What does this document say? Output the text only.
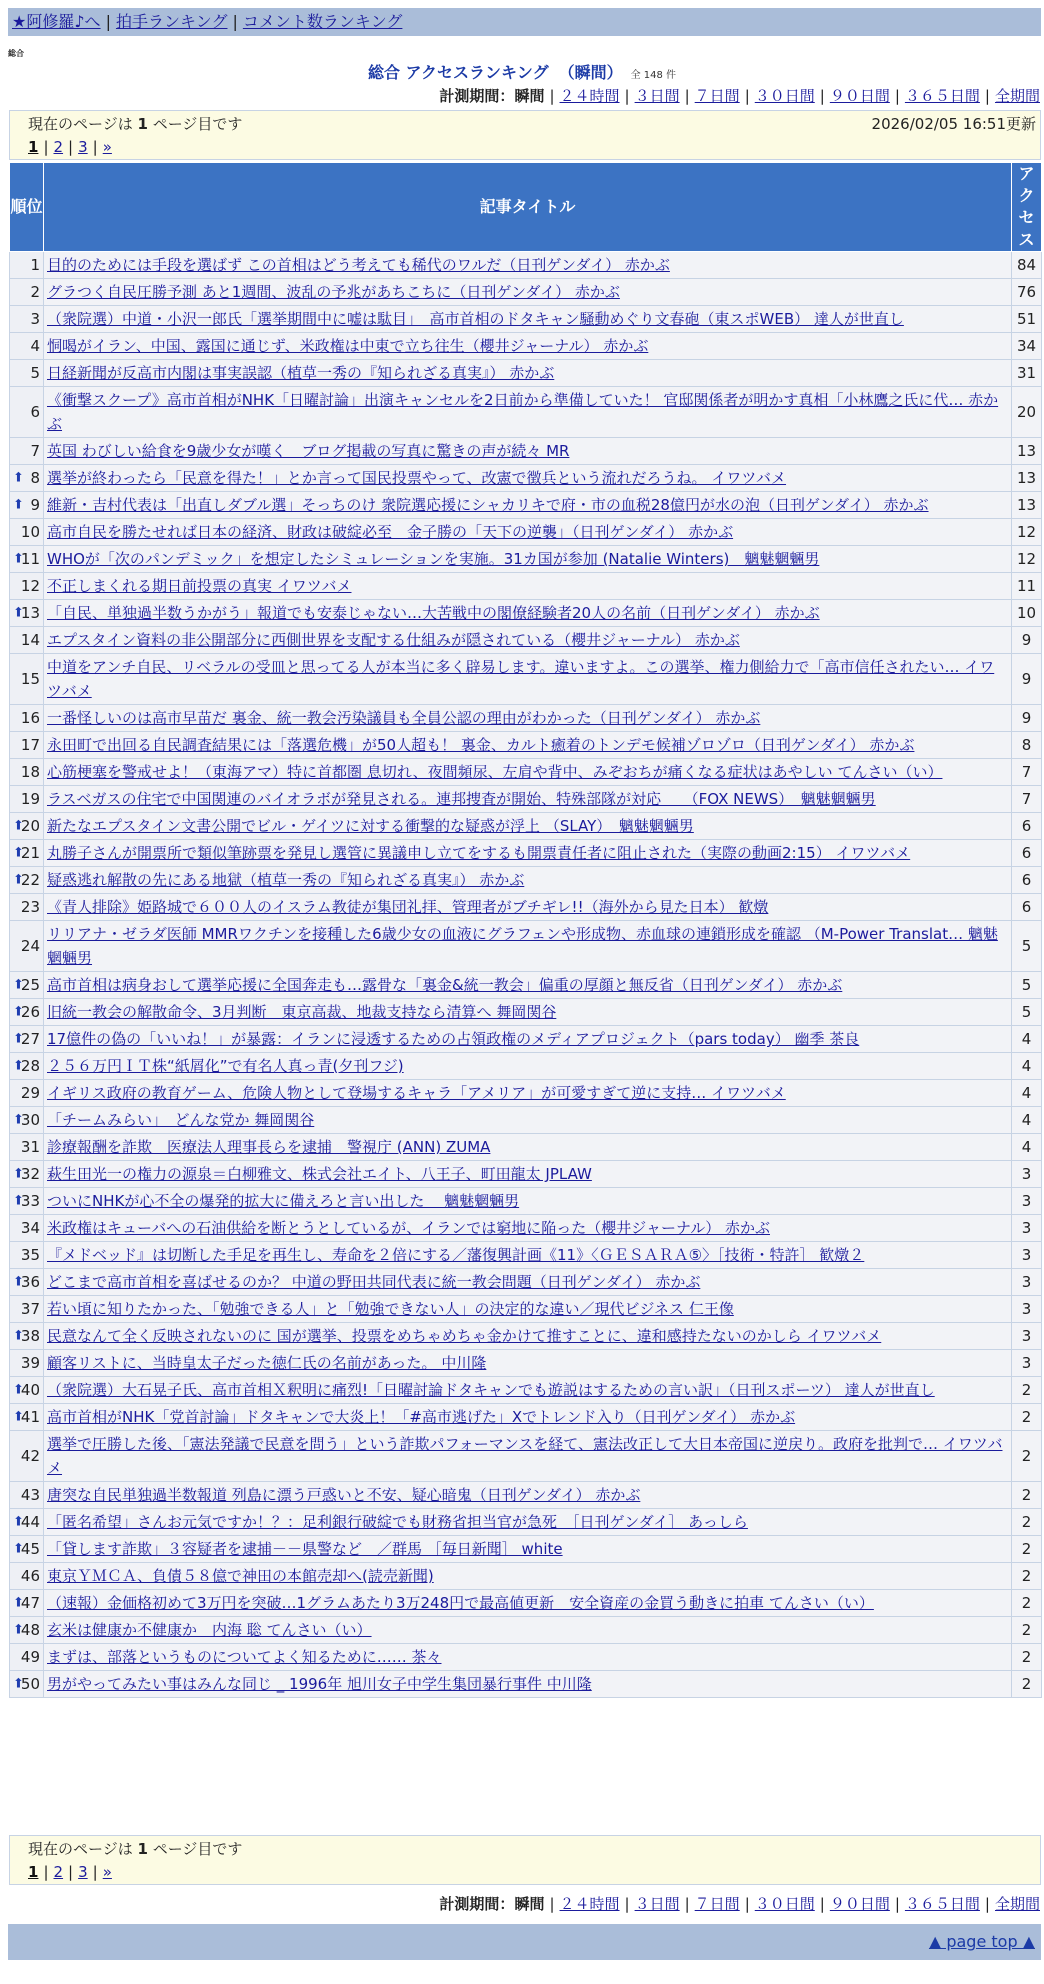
★阿修羅♪へ | 拍手ランキング | コメント数ランキング
総合
総合 アクセスランキング （瞬間） 全 148 件
計測期間：瞬間 | ２４時間 | ３日間 | ７日間 | ３０日間 | ９０日間 | ３６５日間 | 全期間
現在のページは 1 ページ目です	2026/02/05 16:51更新
1 | 2 | 3 | »
順位	記事タイトル	アクセス
1	目的のためには手段を選ばず この首相はどう考えても稀代のワルだ（日刊ゲンダイ） 赤かぶ	84
2	グラつく自民圧勝予測 あと1週間、波乱の予兆があちこちに（日刊ゲンダイ） 赤かぶ	76
3	（衆院選）中道・小沢一郎氏「選挙期間中に嘘は駄目」　高市首相のドタキャン騒動めぐり文春砲（東スポWEB） 達人が世直し	51
4	恫喝がイラン、中国、露国に通じず、米政権は中東で立ち往生（櫻井ジャーナル） 赤かぶ	34
5	日経新聞が反高市内閣は事実誤認（植草一秀の『知られざる真実』） 赤かぶ	31
6	《衝撃スクープ》高市首相がNHK「日曜討論」出演キャンセルを2日前から準備していた！ 官邸関係者が明かす真相「小林鷹之氏に代… 赤かぶ	20
7	英国 わびしい給食を9歳少女が嘆く　ブログ掲載の写真に驚きの声が続々 MR	13

⬆ 8	選挙が終わったら「民意を得た！」とか言って国民投票やって、改憲で徴兵という流れだろうね。 イワツバメ	13

⬆ 9	維新・吉村代表は「出直しダブル選」そっちのけ 衆院選応援にシャカリキで府・市の血税28億円が水の泡（日刊ゲンダイ） 赤かぶ	13
10	高市自民を勝たせれば日本の経済、財政は破綻必至　金子勝の「天下の逆襲」（日刊ゲンダイ） 赤かぶ	12

⬆
11	WHOが「次のパンデミック」を想定したシミュレーションを実施。31カ国が参加 (Natalie Winters)　魑魅魍魎男	12
12	不正しまくれる期日前投票の真実 イワツバメ	11

⬆
13	「自民、単独過半数うかがう」報道でも安泰じゃない…大苦戦中の閣僚経験者20人の名前（日刊ゲンダイ） 赤かぶ	10
14	エプスタイン資料の非公開部分に西側世界を支配する仕組みが隠されている（櫻井ジャーナル） 赤かぶ	9
15	中道をアンチ自民、リベラルの受皿と思ってる人が本当に多く辟易します。違いますよ。この選挙、権力側給力で「高市信任されたい… イワツバメ	9
16	一番怪しいのは高市早苗だ 裏金、統一教会汚染議員も全員公認の理由がわかった（日刊ゲンダイ） 赤かぶ	9
17	永田町で出回る自民調査結果には「落選危機」が50人超も！ 裏金、カルト癒着のトンデモ候補ゾロゾロ（日刊ゲンダイ） 赤かぶ	8
18	心筋梗塞を警戒せよ！（東海アマ）特に首都圏 息切れ、夜間頻尿、左肩や背中、みぞおちが痛くなる症状はあやしい てんさい（い）	7
19	ラスベガスの住宅で中国関連のバイオラボが発見される。連邦捜査が開始、特殊部隊が対応　　（FOX NEWS）　魑魅魍魎男	7

⬆
20	新たなエプスタイン文書公開でビル・ゲイツに対する衝撃的な疑惑が浮上 （SLAY）　魑魅魍魎男	6

⬆
21	丸勝子さんが開票所で類似筆跡票を発見し選管に異議申し立てをするも開票責任者に阻止された（実際の動画2:15） イワツバメ	6

⬆
22	疑惑逃れ解散の先にある地獄（植草一秀の『知られざる真実』） 赤かぶ	6
23	《青人排除》姫路城で６００人のイスラム教徒が集団礼拝、管理者がブチギレ!!（海外から見た日本） 歓燉	6
24	リリアナ・ゼラダ医師 MMRワクチンを接種した6歳少女の血液にグラフェンや形成物、赤血球の連鎖形成を確認 （M-Power Translat… 魑魅魍魎男	5

⬆
25	高市首相は病身おして選挙応援に全国奔走も…露骨な「裏金&統一教会」偏重の厚顔と無反省（日刊ゲンダイ） 赤かぶ	5

⬆
26	旧統一教会の解散命令、3月判断　東京高裁、地裁支持なら清算へ 舞岡関谷	5

⬆
27	17億件の偽の「いいね！」が暴露：イランに浸透するための占領政権のメディアプロジェクト（pars today） 幽季 茶良	4

⬆
28	２５６万円ＩＴ株“紙屑化”で有名人真っ青(夕刊フジ)	4
29	イギリス政府の教育ゲーム、危険人物として登場するキャラ「アメリア」が可愛すぎて逆に支持… イワツバメ	4

⬆
30	「チームみらい」　どんな党か 舞岡関谷	4
31	診療報酬を詐欺　医療法人理事長らを逮捕　警視庁 (ANN) ZUMA	4

⬆
32	萩生田光一の権力の源泉＝白柳雅文、株式会社エイト、八王子、町田龍太 JPLAW	3

⬆
33	ついにNHKが心不全の爆発的拡大に備えろと言い出した　 魑魅魍魎男	3
34	米政権はキューバへの石油供給を断とうとしているが、イランでは窮地に陥った（櫻井ジャーナル） 赤かぶ	3
35	『メドベッド』は切断した手足を再生し、寿命を２倍にする／藩復興計画《11》〈ＧＥＳＡＲＡ⑤〉［技術・特許］ 歓燉２	3

⬆
36	どこまで高市首相を喜ばせるのか？ 中道の野田共同代表に統一教会問題（日刊ゲンダイ） 赤かぶ	3
37	若い頃に知りたかった、「勉強できる人」と「勉強できない人」の決定的な違い／現代ビジネス 仁王像	3

⬆
38	民意なんて全く反映されないのに 国が選挙、投票をめちゃめちゃ金かけて推すことに、違和感持たないのかしら イワツバメ	3
39	顧客リストに、当時皇太子だった徳仁氏の名前があった。 中川隆	3

⬆
40	（衆院選）大石晃子氏、高市首相Ｘ釈明に痛烈!「日曜討論ドタキャンでも遊説はするための言い訳」（日刊スポーツ） 達人が世直し	2

⬆
41	高市首相がNHK「党首討論」ドタキャンで大炎上！「#高市逃げた」Xでトレンド入り（日刊ゲンダイ） 赤かぶ	2
42	選挙で圧勝した後、「憲法発議で民意を問う」という詐欺パフォーマンスを経て、憲法改正して大日本帝国に逆戻り。政府を批判で… イワツバメ	2
43	唐突な自民単独過半数報道 列島に漂う戸惑いと不安、疑心暗鬼（日刊ゲンダイ） 赤かぶ	2

⬆
44	「匿名希望」さんお元気ですか！？：足利銀行破綻でも財務省担当官が急死　［日刊ゲンダイ］ あっしら	2

⬆
45	「貸します詐欺」３容疑者を逮捕－－県警など　／群馬 ［毎日新聞］ white	2
46	東京ＹＭＣＡ、負債５８億で神田の本館売却へ(読売新聞)	2

⬆
47	（速報）金価格初めて3万円を突破…1グラムあたり3万248円で最高値更新　安全資産の金買う動きに拍車 てんさい（い）	2

⬆
48	玄米は健康か不健康か　内海 聡 てんさい（い）	2
49	まずは、部落というものについてよく知るために…… 茶々	2

⬆
50	男がやってみたい事はみんな同じ _ 1996年 旭川女子中学生集団暴行事件 中川隆	2
現在のページは 1 ページ目です
1 | 2 | 3 | »
計測期間：瞬間 | ２４時間 | ３日間 | ７日間 | ３０日間 | ９０日間 | ３６５日間 | 全期間
▲ page top ▲
